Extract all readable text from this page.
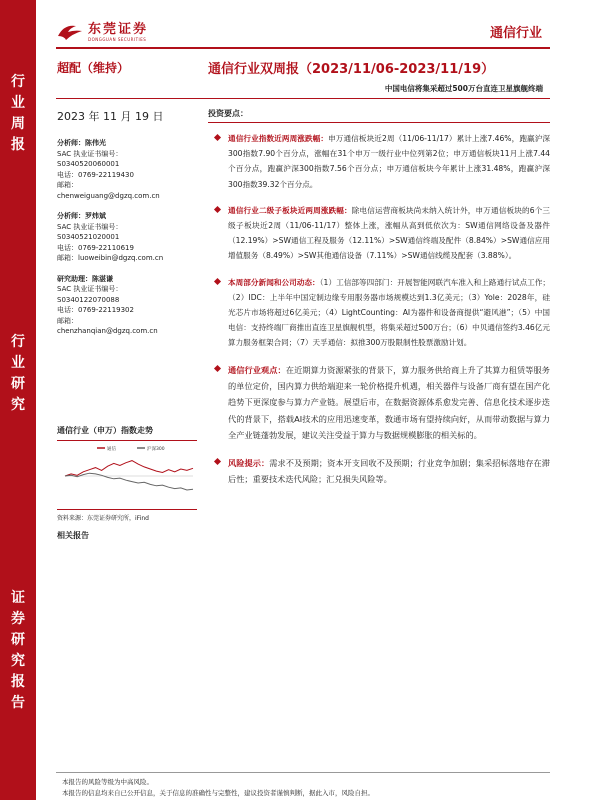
行
业
周
报
行
业
研
究
证
券
研
究
报
告
东莞证券
DONGGUAN SECURITIES	通信行业
超配（维持）	通信行业双周报（2023/11/06-2023/11/19）
中国电信将集采超过500万台直连卫星旗舰终端
2023 年 11 月 19 日
分析师：陈伟光
SAC 执业证书编号：
S0340520060001
电话：0769-22119430
邮箱：
chenweiguang@dgzq.com.cn
分析师：罗炜斌
SAC 执业证书编号：
S0340521020001
电话：0769-22110619
邮箱：luoweibin@dgzq.com.cn
研究助理：陈湛谦
SAC 执业证书编号：
S0340122070088
电话：0769-22119302
邮箱：
chenzhanqian@dgzq.com.cn
通信行业（申万）指数走势
通信	沪深300
资料来源：东莞证券研究所，iFind
相关报告
投资要点：
通信行业指数近两周涨跌幅：申万通信板块近2周（11/06-11/17）累计上涨7.46%，跑赢沪深300指数7.90个百分点，涨幅在31个申万一级行业中位列第2位；申万通信板块11月上涨7.44个百分点，跑赢沪深300指数7.56个百分点；申万通信板块今年累计上涨31.48%，跑赢沪深300指数39.32个百分点。
通信行业二级子板块近两周涨跌幅：除电信运营商板块尚未纳入统计外，申万通信板块的6个三级子板块近2周（11/06-11/17）整体上涨，涨幅从高到低依次为：SW通信网络设备及器件（12.19%）>SW通信工程及服务（12.11%）>SW通信终端及配件（8.84%）>SW通信应用增值服务（8.49%）>SW其他通信设备（7.11%）>SW通信线缆及配套（3.88%）。
本周部分新闻和公司动态：（1）工信部等四部门：开展智能网联汽车准入和上路通行试点工作；（2）IDC：上半年中国定制边缘专用服务器市场规模达到1.3亿美元；（3）Yole：2028年，硅光芯片市场将超过6亿美元；（4）LightCounting：AI为器件和设备商提供“避风港”；（5）中国电信：支持终端厂商推出直连卫星旗舰机型，将集采超过500万台；（6）中贝通信签约3.46亿元算力服务框架合同；（7）天孚通信：拟推300万股限制性股票激励计划。
通信行业观点：在近期算力资源紧张的背景下，算力服务供给商上升了其算力租赁等服务的单位定价，国内算力供给端迎来一轮价格提升机遇，相关器件与设备厂商有望在国产化趋势下更深度参与算力产业链。展望后市，在数据资源体系愈发完善、信息化技术逐步迭代的背景下，搭载AI技术的应用迅速变革，数通市场有望持续向好，从而带动数据与算力全产业链蓬勃发展，建议关注受益于算力与数据规模膨胀的相关标的。
风险提示：需求不及预期；资本开支回收不及预期；行业竞争加剧；集采招标落地存在滞后性；重要技术迭代风险；汇兑损失风险等。
本报告的风险等级为中高风险。
本报告的信息均来自已公开信息，关于信息的准确性与完整性，建议投资者谨慎判断，据此入市，风险自担。
